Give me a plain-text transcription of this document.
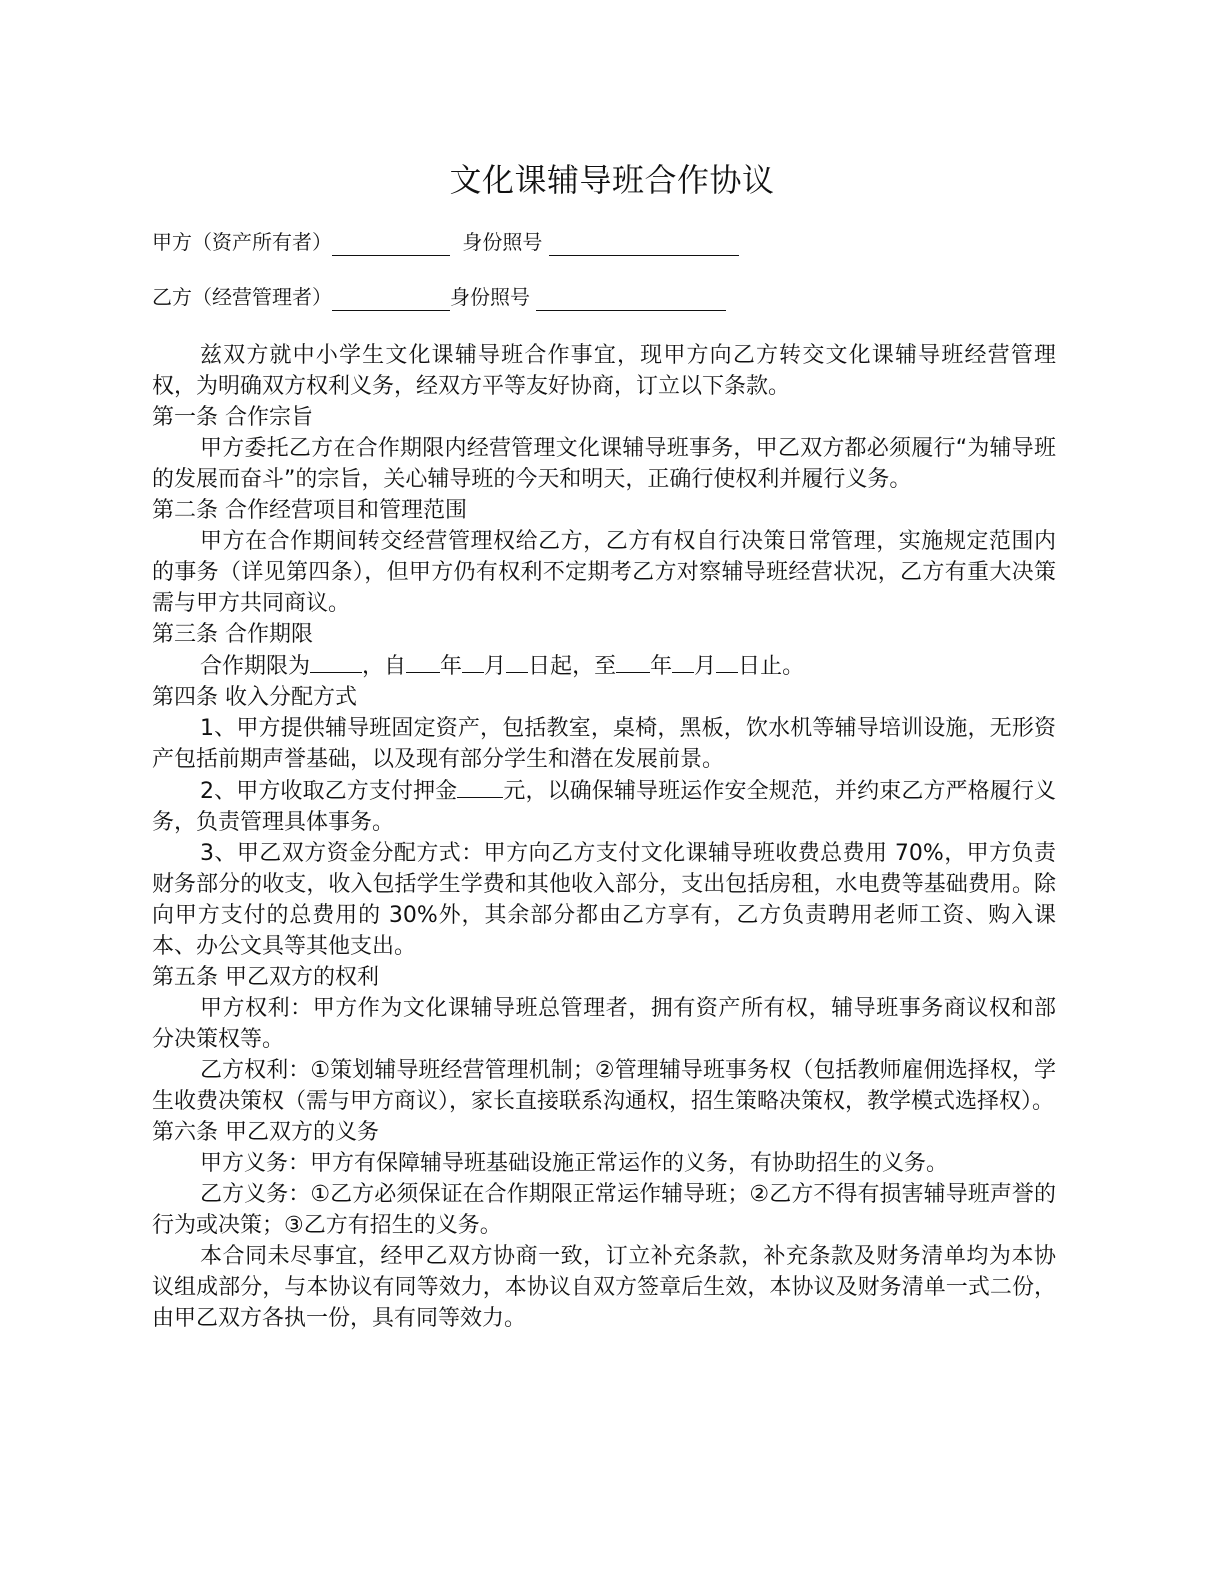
文化课辅导班合作协议
甲方（资产所有者）	身份照号
乙方（经营管理者）	身份照号

兹双方就中小学生文化课辅导班合作事宜，现甲方向乙方转交文化课辅导班经营管理权，为明确双方权利义务，经双方平等友好协商，订立以下条款。

第一条 合作宗旨

甲方委托乙方在合作期限内经营管理文化课辅导班事务，甲乙双方都必须履行“为辅导班的发展而奋斗”的宗旨，关心辅导班的今天和明天，正确行使权利并履行义务。

第二条 合作经营项目和管理范围

甲方在合作期间转交经营管理权给乙方，乙方有权自行决策日常管理，实施规定范围内的事务（详见第四条），但甲方仍有权利不定期考乙方对察辅导班经营状况，乙方有重大决策需与甲方共同商议。

第三条 合作期限

合作期限为 ，自 年 月 日起，至 年 月 日止。

第四条 收入分配方式

1、甲方提供辅导班固定资产，包括教室，桌椅，黑板，饮水机等辅导培训设施，无形资产包括前期声誉基础，以及现有部分学生和潜在发展前景。

2、甲方收取乙方支付押金 元，以确保辅导班运作安全规范，并约束乙方严格履行义务，负责管理具体事务。

3、甲乙双方资金分配方式：甲方向乙方支付文化课辅导班收费总费用 70%，甲方负责财务部分的收支，收入包括学生学费和其他收入部分，支出包括房租，水电费等基础费用。除向甲方支付的总费用的 30%外，其余部分都由乙方享有，乙方负责聘用老师工资、购入课本、办公文具等其他支出。

第五条 甲乙双方的权利

甲方权利：甲方作为文化课辅导班总管理者，拥有资产所有权，辅导班事务商议权和部分决策权等。

乙方权利：①策划辅导班经营管理机制；②管理辅导班事务权（包括教师雇佣选择权，学生收费决策权（需与甲方商议），家长直接联系沟通权，招生策略决策权，教学模式选择权）。

第六条 甲乙双方的义务

甲方义务：甲方有保障辅导班基础设施正常运作的义务，有协助招生的义务。

乙方义务：①乙方必须保证在合作期限正常运作辅导班；②乙方不得有损害辅导班声誉的行为或决策；③乙方有招生的义务。

本合同未尽事宜，经甲乙双方协商一致，订立补充条款，补充条款及财务清单均为本协议组成部分，与本协议有同等效力，本协议自双方签章后生效，本协议及财务清单一式二份，由甲乙双方各执一份，具有同等效力。
